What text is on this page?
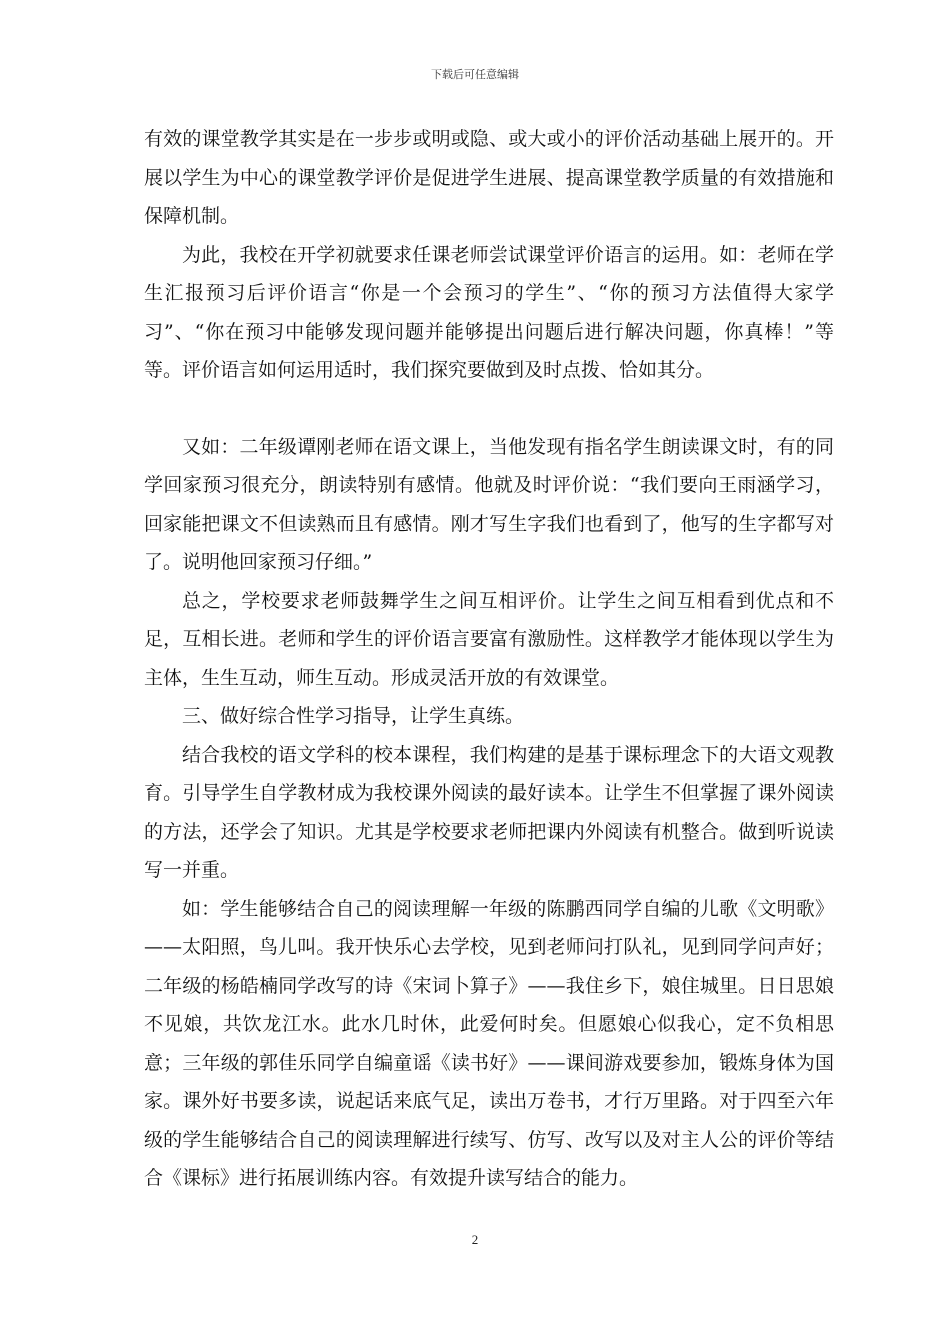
下载后可任意编辑

有效的课堂教学其实是在一步步或明或隐、或大或小的评价活动基础上展开的。开展以学生为中心的课堂教学评价是促进学生进展、提高课堂教学质量的有效措施和保障机制。

为此，我校在开学初就要求任课老师尝试课堂评价语言的运用。如：老师在学生汇报预习后评价语言“你是一个会预习的学生”、“你的预习方法值得大家学习”、“你在预习中能够发现问题并能够提出问题后进行解决问题，你真棒！”等等。评价语言如何运用适时，我们探究要做到及时点拨、恰如其分。

又如：二年级谭刚老师在语文课上，当他发现有指名学生朗读课文时，有的同学回家预习很充分，朗读特别有感情。他就及时评价说：“我们要向王雨涵学习，回家能把课文不但读熟而且有感情。刚才写生字我们也看到了，他写的生字都写对了。说明他回家预习仔细。”

总之，学校要求老师鼓舞学生之间互相评价。让学生之间互相看到优点和不足，互相长进。老师和学生的评价语言要富有激励性。这样教学才能体现以学生为主体，生生互动，师生互动。形成灵活开放的有效课堂。

三、做好综合性学习指导，让学生真练。

结合我校的语文学科的校本课程，我们构建的是基于课标理念下的大语文观教育。引导学生自学教材成为我校课外阅读的最好读本。让学生不但掌握了课外阅读的方法，还学会了知识。尤其是学校要求老师把课内外阅读有机整合。做到听说读写一并重。

如：学生能够结合自己的阅读理解一年级的陈鹏西同学自编的儿歌《文明歌》——太阳照，鸟儿叫。我开快乐心去学校，见到老师问打队礼，见到同学问声好；二年级的杨皓楠同学改写的诗《宋词卜算子》——我住乡下，娘住城里。日日思娘不见娘，共饮龙江水。此水几时休，此爱何时矣。但愿娘心似我心，定不负相思意；三年级的郭佳乐同学自编童谣《读书好》——课间游戏要参加，锻炼身体为国家。课外好书要多读，说起话来底气足，读出万卷书，才行万里路。对于四至六年级的学生能够结合自己的阅读理解进行续写、仿写、改写以及对主人公的评价等结合《课标》进行拓展训练内容。有效提升读写结合的能力。

2
